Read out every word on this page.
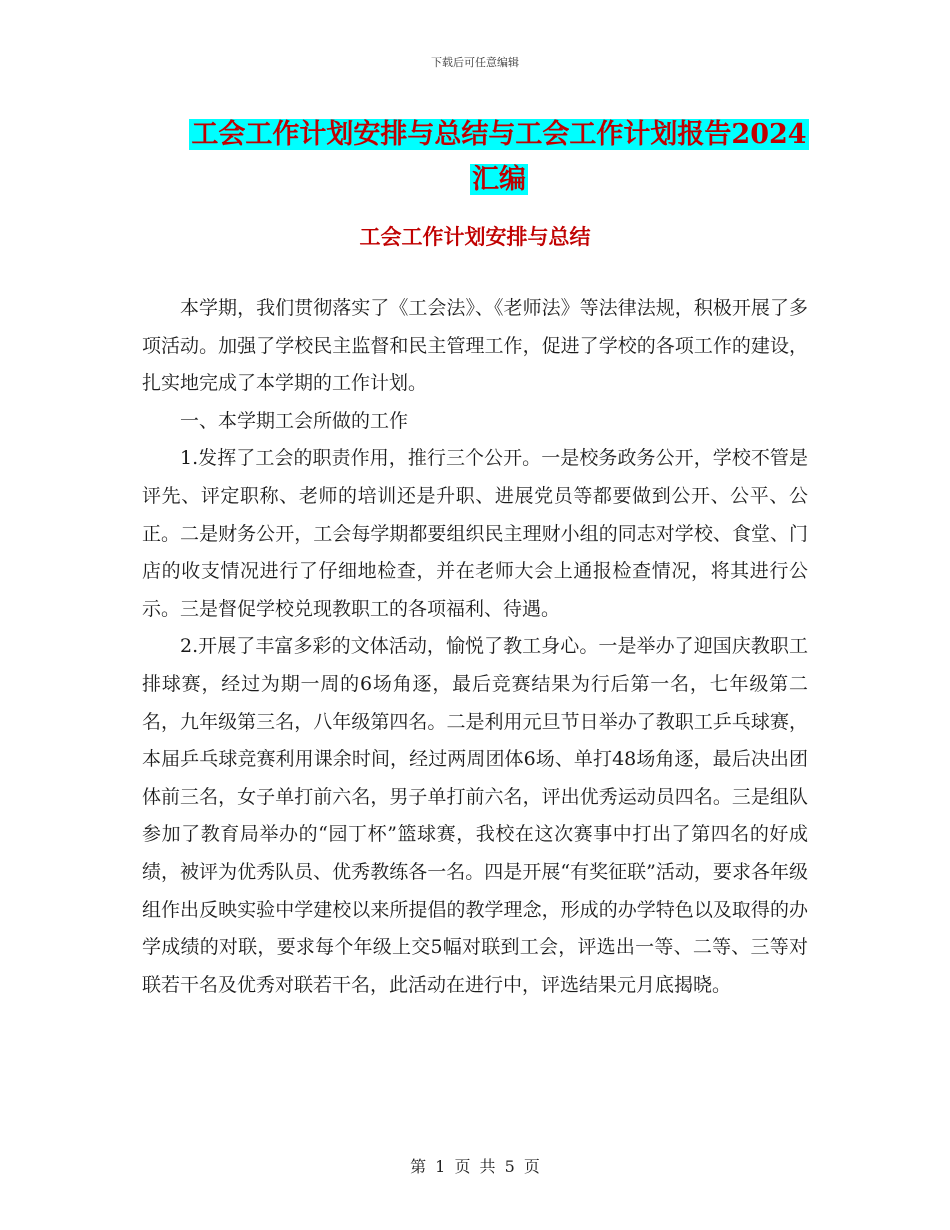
下载后可任意编辑
工会工作计划安排与总结与工会工作计划报告2024汇编
工会工作计划安排与总结

本学期，我们贯彻落实了《工会法》、《老师法》等法律法规，积极开展了多项活动。加强了学校民主监督和民主管理工作，促进了学校的各项工作的建设，扎实地完成了本学期的工作计划。

一、本学期工会所做的工作

1.发挥了工会的职责作用，推行三个公开。一是校务政务公开，学校不管是评先、评定职称、老师的培训还是升职、进展党员等都要做到公开、公平、公正。二是财务公开，工会每学期都要组织民主理财小组的同志对学校、食堂、门店的收支情况进行了仔细地检查，并在老师大会上通报检查情况，将其进行公示。三是督促学校兑现教职工的各项福利、待遇。

2.开展了丰富多彩的文体活动，愉悦了教工身心。一是举办了迎国庆教职工排球赛，经过为期一周的6场角逐，最后竞赛结果为行后第一名，七年级第二名，九年级第三名，八年级第四名。二是利用元旦节日举办了教职工乒乓球赛，本届乒乓球竞赛利用课余时间，经过两周团体6场、单打48场角逐，最后决出团体前三名，女子单打前六名，男子单打前六名，评出优秀运动员四名。三是组队参加了教育局举办的“园丁杯”篮球赛，我校在这次赛事中打出了第四名的好成绩，被评为优秀队员、优秀教练各一名。四是开展“有奖征联”活动，要求各年级组作出反映实验中学建校以来所提倡的教学理念，形成的办学特色以及取得的办学成绩的对联，要求每个年级上交5幅对联到工会，评选出一等、二等、三等对联若干名及优秀对联若干名，此活动在进行中，评选结果元月底揭晓。

第 1 页 共 5 页
